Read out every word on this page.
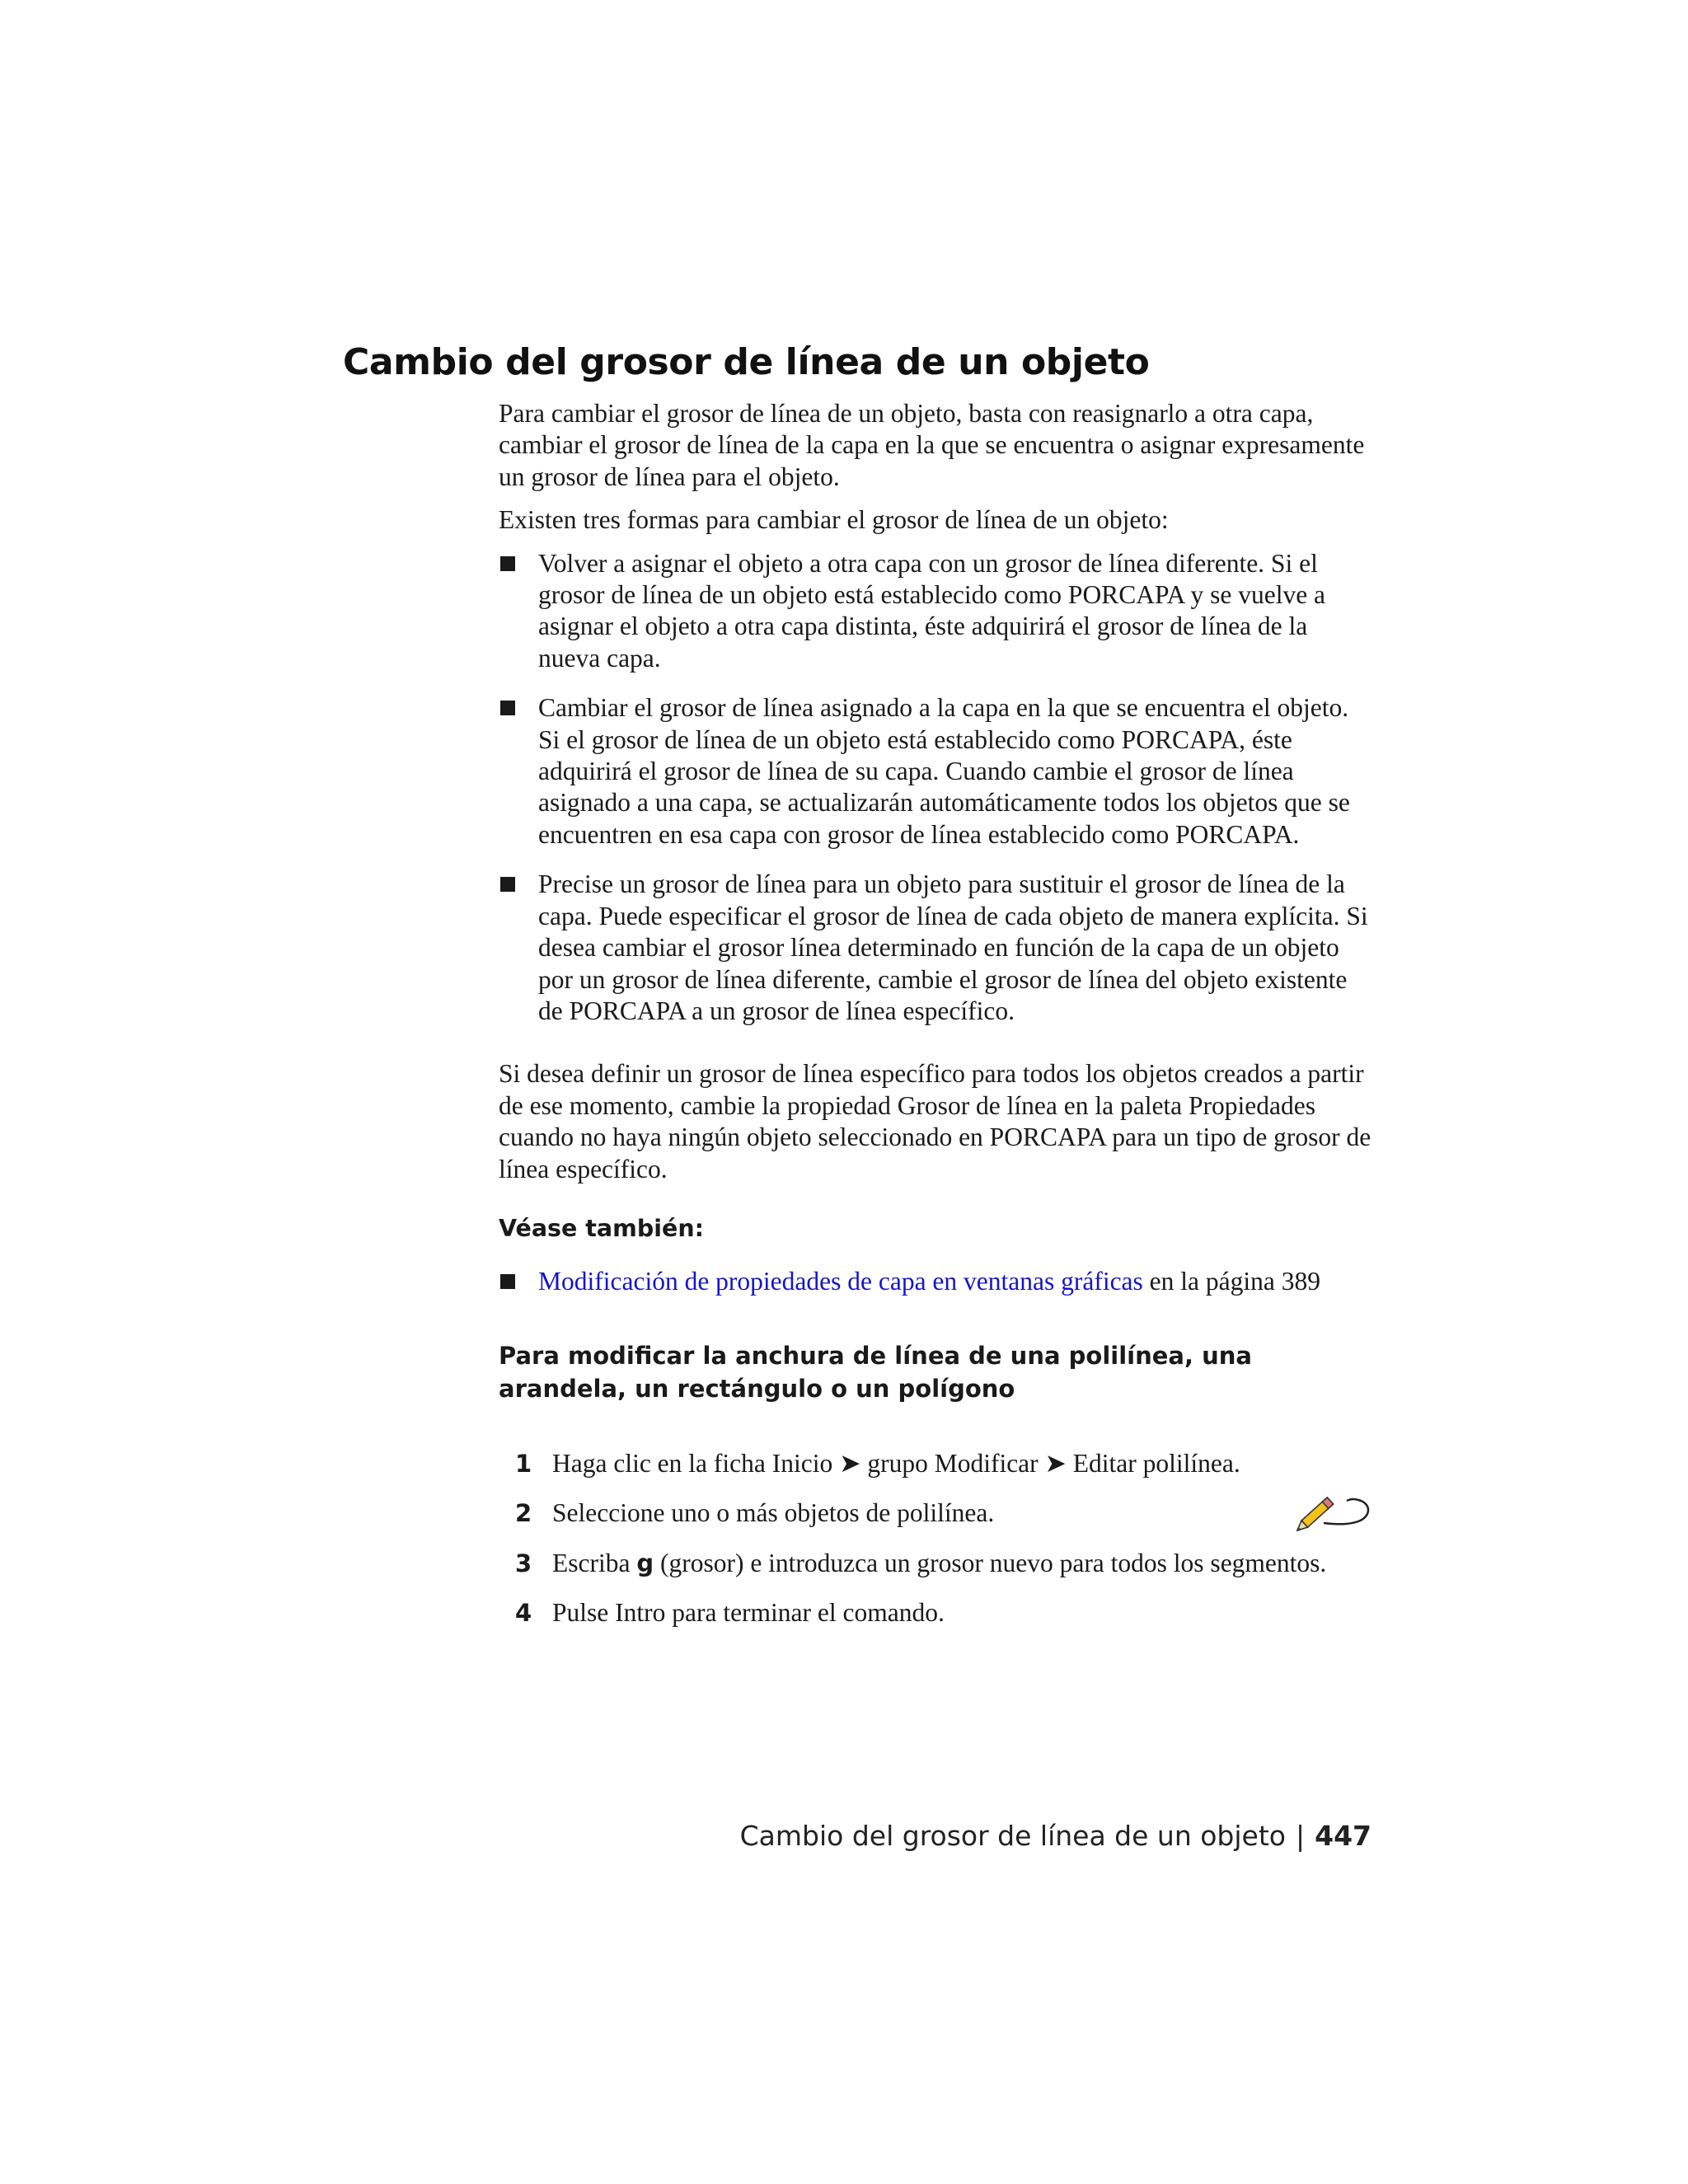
Cambio del grosor de línea de un objeto

Para cambiar el grosor de línea de un objeto, basta con reasignarlo a otra capa, cambiar el grosor de línea de la capa en la que se encuentra o asignar expresamente un grosor de línea para el objeto.

Existen tres formas para cambiar el grosor de línea de un objeto:

Volver a asignar el objeto a otra capa con un grosor de línea diferente. Si el grosor de línea de un objeto está establecido como PORCAPA y se vuelve a asignar el objeto a otra capa distinta, éste adquirirá el grosor de línea de la nueva capa.
Cambiar el grosor de línea asignado a la capa en la que se encuentra el objeto. Si el grosor de línea de un objeto está establecido como PORCAPA, éste adquirirá el grosor de línea de su capa. Cuando cambie el grosor de línea asignado a una capa, se actualizarán automáticamente todos los objetos que se encuentren en esa capa con grosor de línea establecido como PORCAPA.
Precise un grosor de línea para un objeto para sustituir el grosor de línea de la capa. Puede especificar el grosor de línea de cada objeto de manera explícita. Si desea cambiar el grosor línea determinado en función de la capa de un objeto por un grosor de línea diferente, cambie el grosor de línea del objeto existente de PORCAPA a un grosor de línea específico.

Si desea definir un grosor de línea específico para todos los objetos creados a partir de ese momento, cambie la propiedad Grosor de línea en la paleta Propiedades cuando no haya ningún objeto seleccionado en PORCAPA para un tipo de grosor de línea específico.

Véase también:

Modificación de propiedades de capa en ventanas gráficas en la página 389

Para modificar la anchura de línea de una polilínea, una arandela, un rectángulo o un polígono

1 Haga clic en la ficha Inicio ➤ grupo Modificar ➤ Editar polilínea.
2 Seleccione uno o más objetos de polilínea.
3 Escriba g (grosor) e introduzca un grosor nuevo para todos los segmentos.
4 Pulse Intro para terminar el comando.
Cambio del grosor de línea de un objeto | 447
